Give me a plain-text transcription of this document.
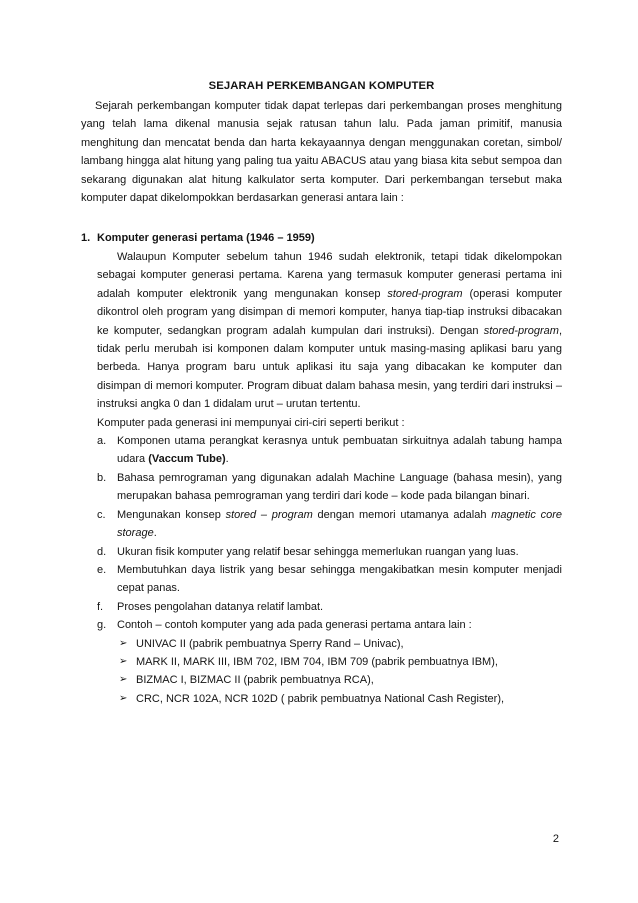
SEJARAH PERKEMBANGAN KOMPUTER

Sejarah perkembangan komputer tidak dapat terlepas dari perkembangan proses menghitung yang telah lama dikenal manusia sejak ratusan tahun lalu. Pada jaman primitif, manusia menghitung dan mencatat benda dan harta kekayaannya dengan menggunakan coretan, simbol/ lambang hingga alat hitung yang paling tua yaitu ABACUS atau yang biasa kita sebut sempoa dan sekarang digunakan alat hitung kalkulator serta komputer. Dari perkembangan tersebut maka komputer dapat dikelompokkan berdasarkan generasi antara lain :

1. Komputer generasi pertama (1946 – 1959)

Walaupun Komputer sebelum tahun 1946 sudah elektronik, tetapi tidak dikelompokan sebagai komputer generasi pertama. Karena yang termasuk komputer generasi pertama ini adalah komputer elektronik yang mengunakan konsep stored-program (operasi komputer dikontrol oleh program yang disimpan di memori komputer, hanya tiap-tiap instruksi dibacakan ke komputer, sedangkan program adalah kumpulan dari instruksi). Dengan stored-program, tidak perlu merubah isi komponen dalam komputer untuk masing-masing aplikasi baru yang berbeda. Hanya program baru untuk aplikasi itu saja yang dibacakan ke komputer dan disimpan di memori komputer. Program dibuat dalam bahasa mesin, yang terdiri dari instruksi – instruksi angka 0 dan 1 didalam urut – urutan tertentu.

Komputer pada generasi ini mempunyai ciri-ciri seperti berikut :

a. Komponen utama perangkat kerasnya untuk pembuatan sirkuitnya adalah tabung hampa udara (Vaccum Tube).
b. Bahasa pemrograman yang digunakan adalah Machine Language (bahasa mesin), yang merupakan bahasa pemrograman yang terdiri dari kode – kode pada bilangan binari.
c. Mengunakan konsep stored – program dengan memori utamanya adalah magnetic core storage.
d. Ukuran fisik komputer yang relatif besar sehingga memerlukan ruangan yang luas.
e. Membutuhkan daya listrik yang besar sehingga mengakibatkan mesin komputer menjadi cepat panas.
f. Proses pengolahan datanya relatif lambat.
g. Contoh – contoh komputer yang ada pada generasi pertama antara lain :
➢ UNIVAC II (pabrik pembuatnya Sperry Rand – Univac),
➢ MARK II, MARK III, IBM 702, IBM 704, IBM 709 (pabrik pembuatnya IBM),
➢ BIZMAC I, BIZMAC II (pabrik pembuatnya RCA),
➢ CRC, NCR 102A, NCR 102D ( pabrik pembuatnya National Cash Register),
2
